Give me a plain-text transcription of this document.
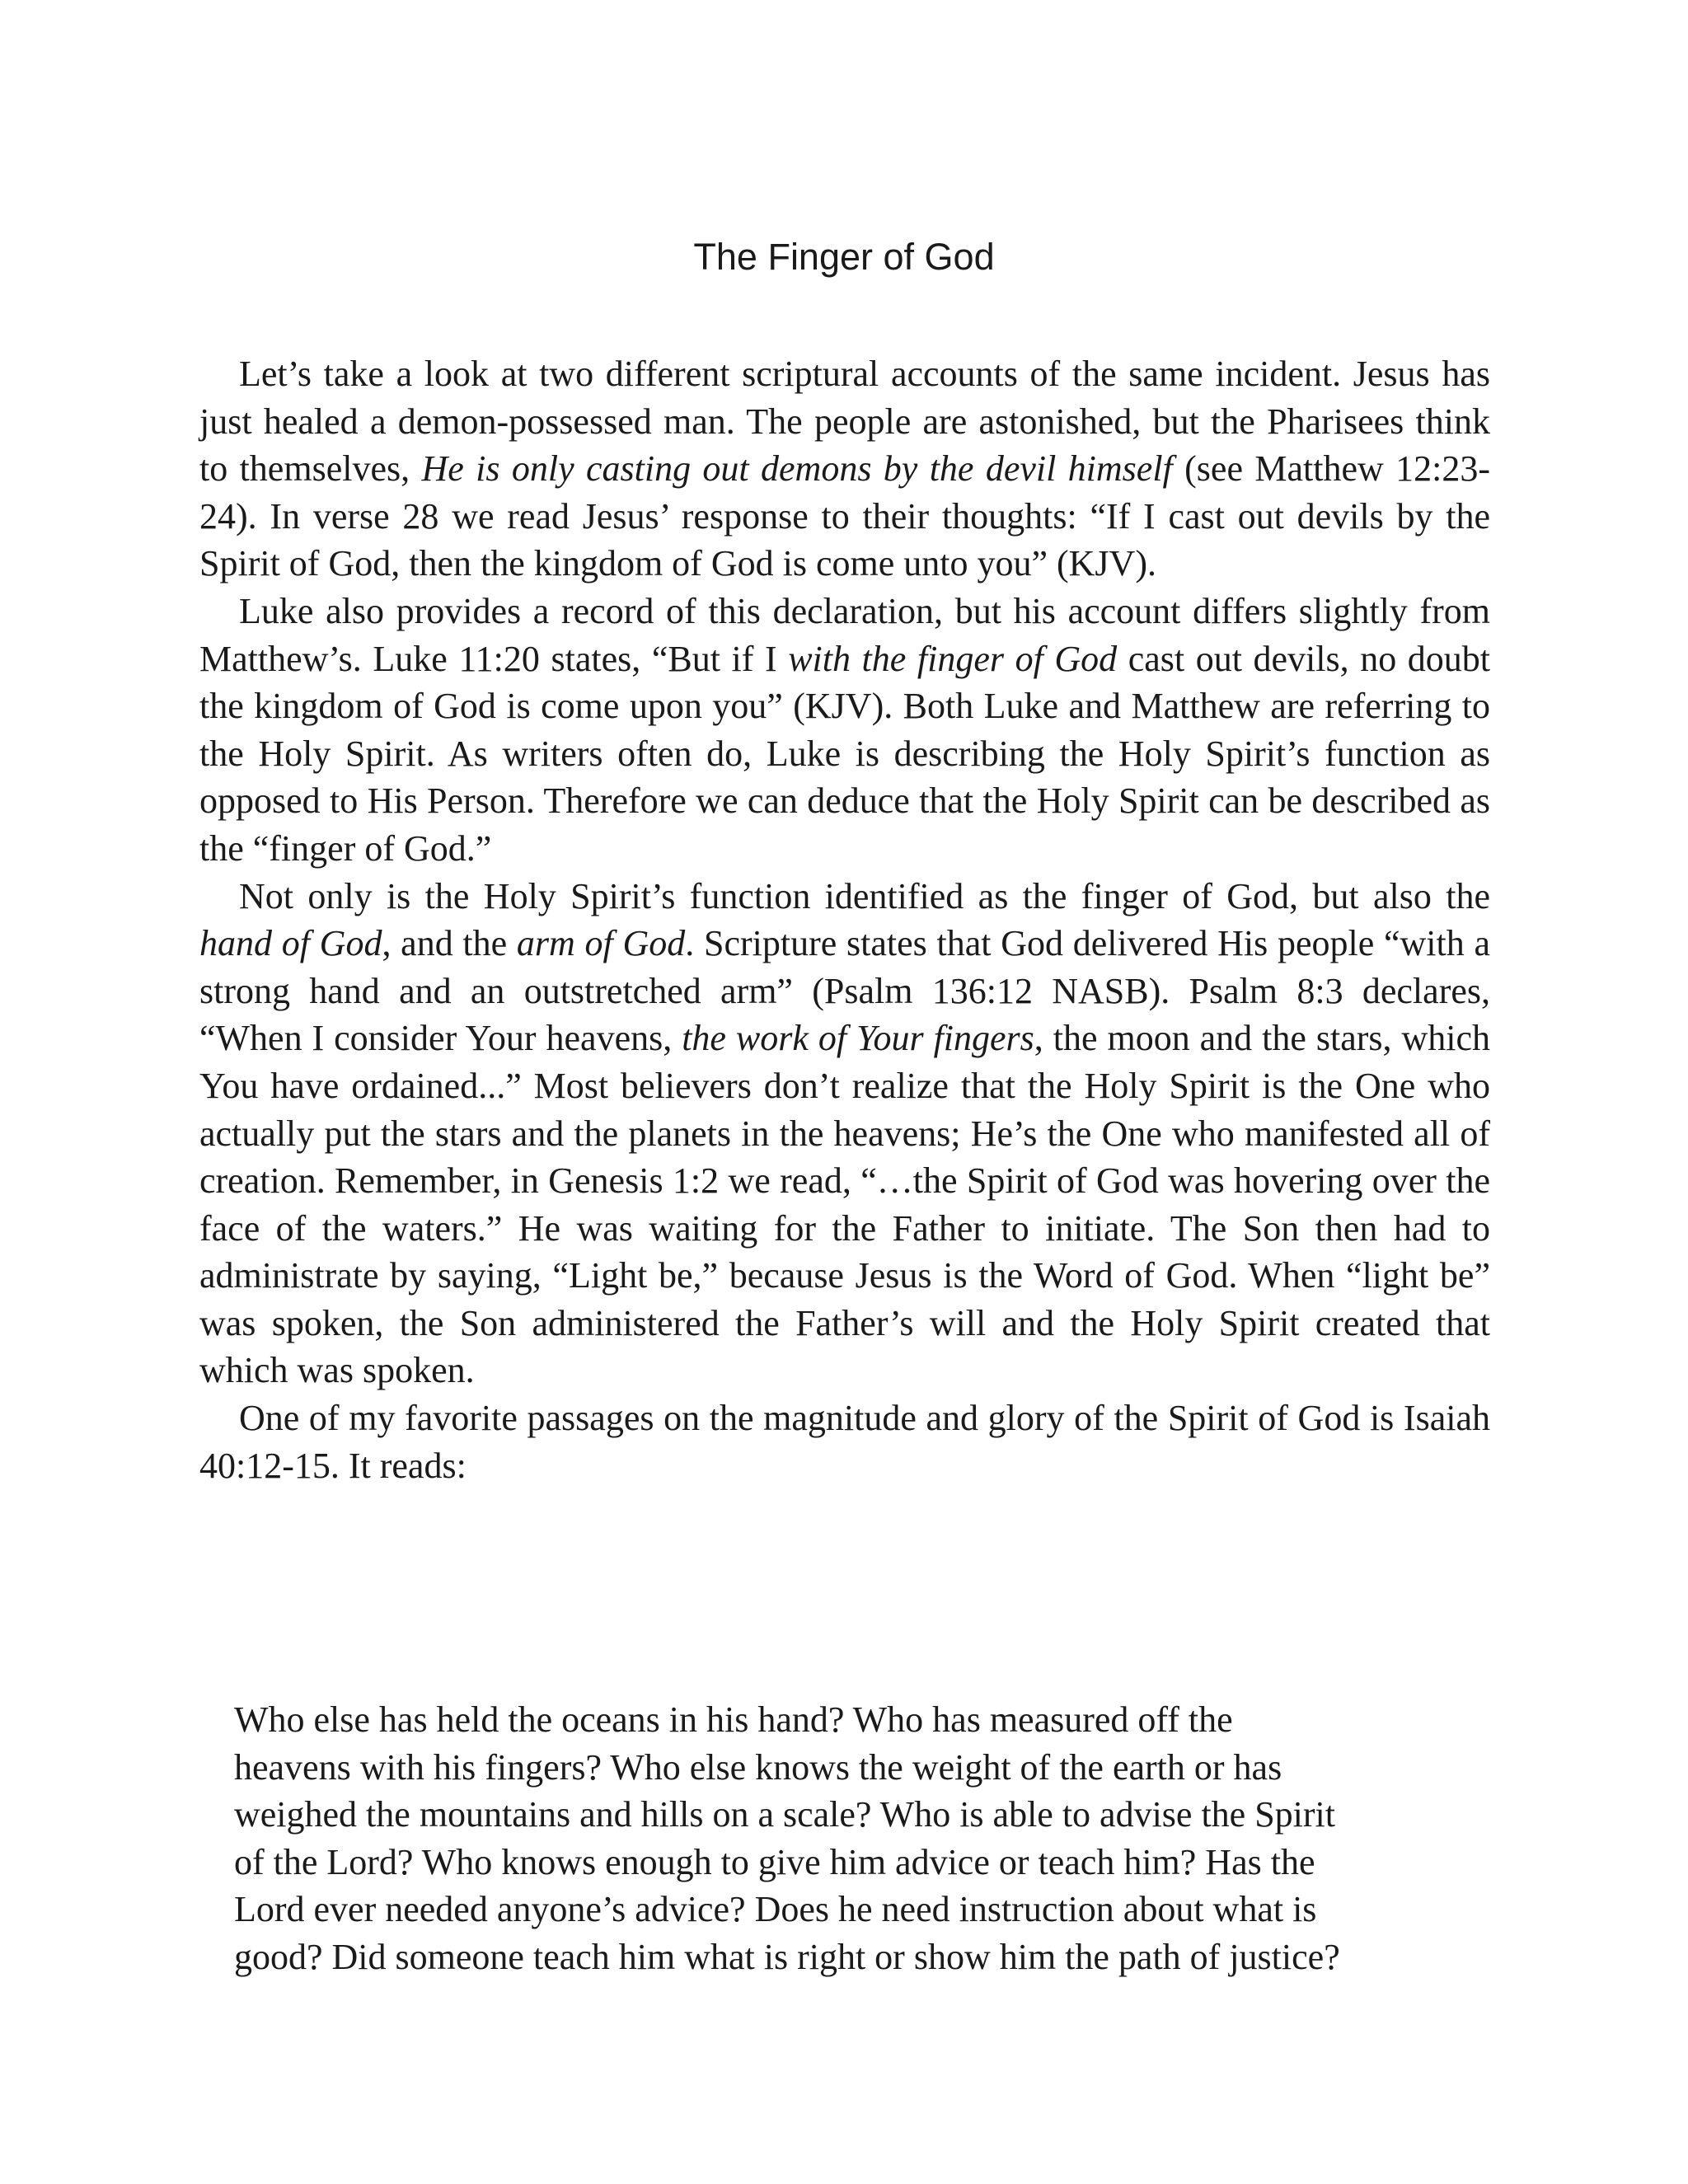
The Finger of God

Let’s take a look at two different scriptural accounts of the same incident. Jesus has just healed a demon-possessed man. The people are astonished, but the Pharisees think to themselves, He is only casting out demons by the devil himself (see Matthew 12:23-24). In verse 28 we read Jesus’ response to their thoughts: “If I cast out devils by the Spirit of God, then the kingdom of God is come unto you” (KJV).

Luke also provides a record of this declaration, but his account differs slightly from Matthew’s. Luke 11:20 states, “But if I with the finger of God cast out devils, no doubt the kingdom of God is come upon you” (KJV). Both Luke and Matthew are referring to the Holy Spirit. As writers often do, Luke is describing the Holy Spirit’s function as opposed to His Person. Therefore we can deduce that the Holy Spirit can be described as the “finger of God.”

Not only is the Holy Spirit’s function identified as the finger of God, but also the hand of God, and the arm of God. Scripture states that God delivered His people “with a strong hand and an outstretched arm” (Psalm 136:12 NASB). Psalm 8:3 declares, “When I consider Your heavens, the work of Your fingers, the moon and the stars, which You have ordained...” Most believers don’t realize that the Holy Spirit is the One who actually put the stars and the planets in the heavens; He’s the One who manifested all of creation. Remember, in Genesis 1:2 we read, “…the Spirit of God was hovering over the face of the waters.” He was waiting for the Father to initiate. The Son then had to administrate by saying, “Light be,” because Jesus is the Word of God. When “light be” was spoken, the Son administered the Father’s will and the Holy Spirit created that which was spoken.

One of my favorite passages on the magnitude and glory of the Spirit of God is Isaiah 40:12-15. It reads:

Who else has held the oceans in his hand? Who has measured off the
heavens with his fingers? Who else knows the weight of the earth or has
weighed the mountains and hills on a scale? Who is able to advise the Spirit
of the Lord? Who knows enough to give him advice or teach him? Has the
Lord ever needed anyone’s advice? Does he need instruction about what is
good? Did someone teach him what is right or show him the path of justice?
